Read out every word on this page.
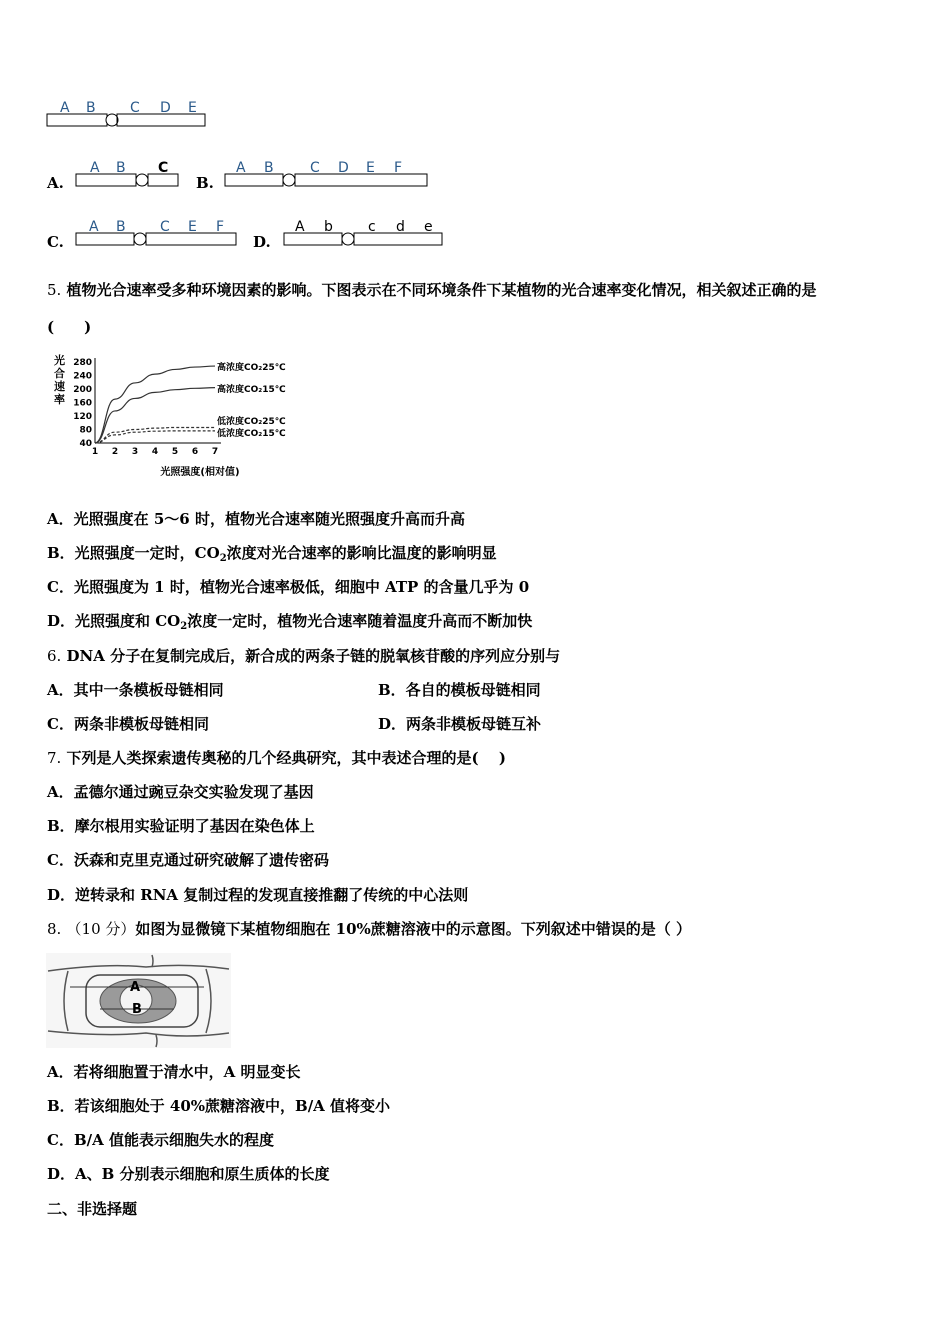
A B C D E
A.
A B C
B.
A B	C D E F
C.
A B C E F
D.
A b	c d e
5. 植物光合速率受多种环境因素的影响。下图表示在不同环境条件下某植物的光合速率变化情况，相关叙述正确的是
(　　)
光
合
速
率
40
80
120
160
200
240
280
1 2 3 4 5 6 7
高浓度CO₂25℃
高浓度CO₂15℃
低浓度CO₂25℃
低浓度CO₂15℃
光照强度(相对值)
A．光照强度在 5～6 时，植物光合速率随光照强度升高而升高
B．光照强度一定时，$CO_2$浓度对光合速率的影响比温度的影响明显
C．光照强度为 1 时，植物光合速率极低，细胞中 ATP 的含量几乎为 0
D．光照强度和 $CO_2$浓度一定时，植物光合速率随着温度升高而不断加快
6. DNA 分子在复制完成后，新合成的两条子链的脱氧核苷酸的序列应分别与
A．其中一条模板母链相同	B．各自的模板母链相同
C．两条非模板母链相同	D．两条非模板母链互补
7. 下列是人类探索遗传奥秘的几个经典研究，其中表述合理的是(　 )
A．孟德尔通过豌豆杂交实验发现了基因
B．摩尔根用实验证明了基因在染色体上
C．沃森和克里克通过研究破解了遗传密码
D．逆转录和 RNA 复制过程的发现直接推翻了传统的中心法则
8. （10 分）如图为显微镜下某植物细胞在 10%蔗糖溶液中的示意图。下列叙述中错误的是（ ）
A
B
A．若将细胞置于清水中，A 明显变长
B．若该细胞处于 40%蔗糖溶液中，B/A 值将变小
C．B/A 值能表示细胞失水的程度
D．A、B 分别表示细胞和原生质体的长度
二、非选择题
